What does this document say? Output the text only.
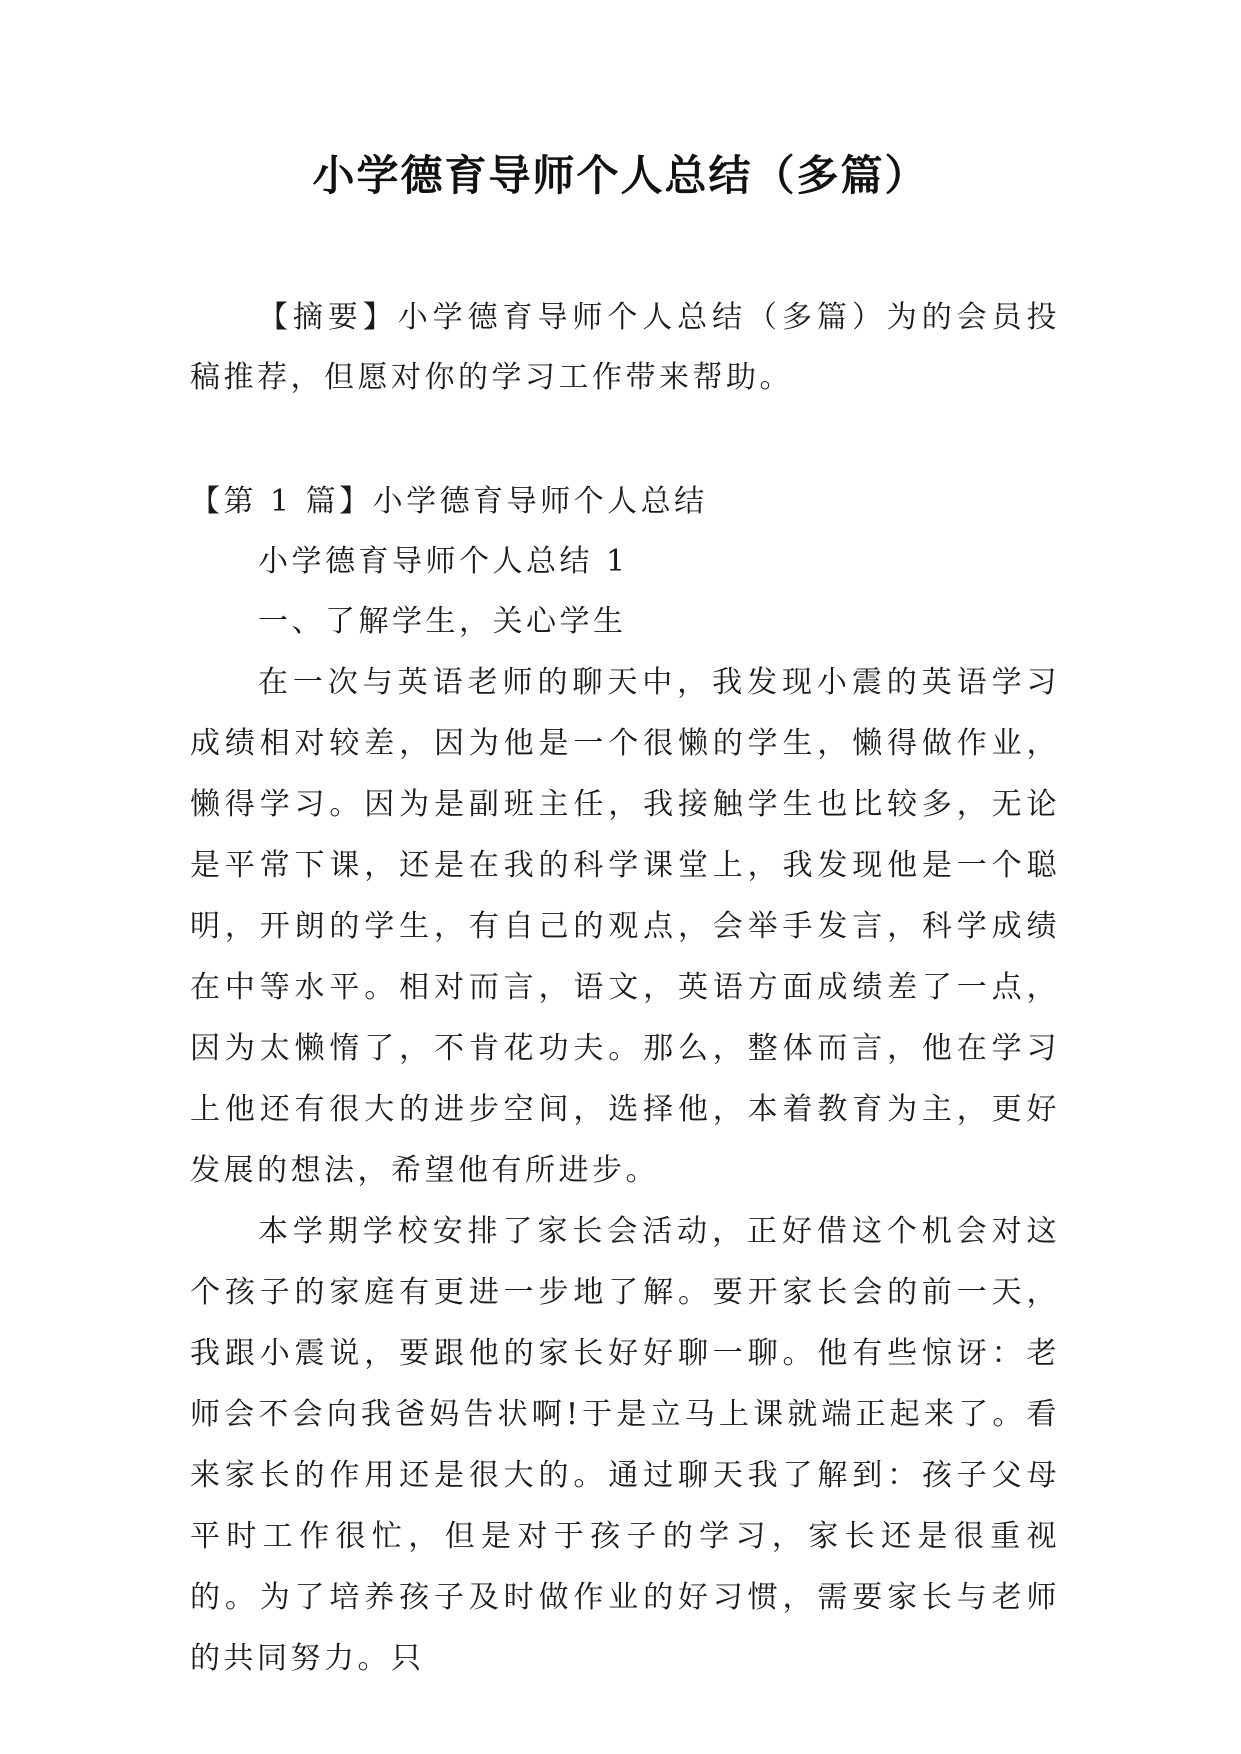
小学德育导师个人总结（多篇）

【摘要】小学德育导师个人总结（多篇）为的会员投稿推荐，但愿对你的学习工作带来帮助。

【第 1 篇】小学德育导师个人总结

小学德育导师个人总结 1

一、了解学生，关心学生

在一次与英语老师的聊天中，我发现小震的英语学习成绩相对较差，因为他是一个很懒的学生，懒得做作业，懒得学习。因为是副班主任，我接触学生也比较多，无论是平常下课，还是在我的科学课堂上，我发现他是一个聪明，开朗的学生，有自己的观点，会举手发言，科学成绩在中等水平。相对而言，语文，英语方面成绩差了一点，因为太懒惰了，不肯花功夫。那么，整体而言，他在学习上他还有很大的进步空间，选择他，本着教育为主，更好发展的想法，希望他有所进步。

本学期学校安排了家长会活动，正好借这个机会对这个孩子的家庭有更进一步地了解。要开家长会的前一天，我跟小震说，要跟他的家长好好聊一聊。他有些惊讶：老师会不会向我爸妈告状啊!于是立马上课就端正起来了。看来家长的作用还是很大的。通过聊天我了解到：孩子父母平时工作很忙，但是对于孩子的学习，家长还是很重视的。为了培养孩子及时做作业的好习惯，需要家长与老师的共同努力。只
